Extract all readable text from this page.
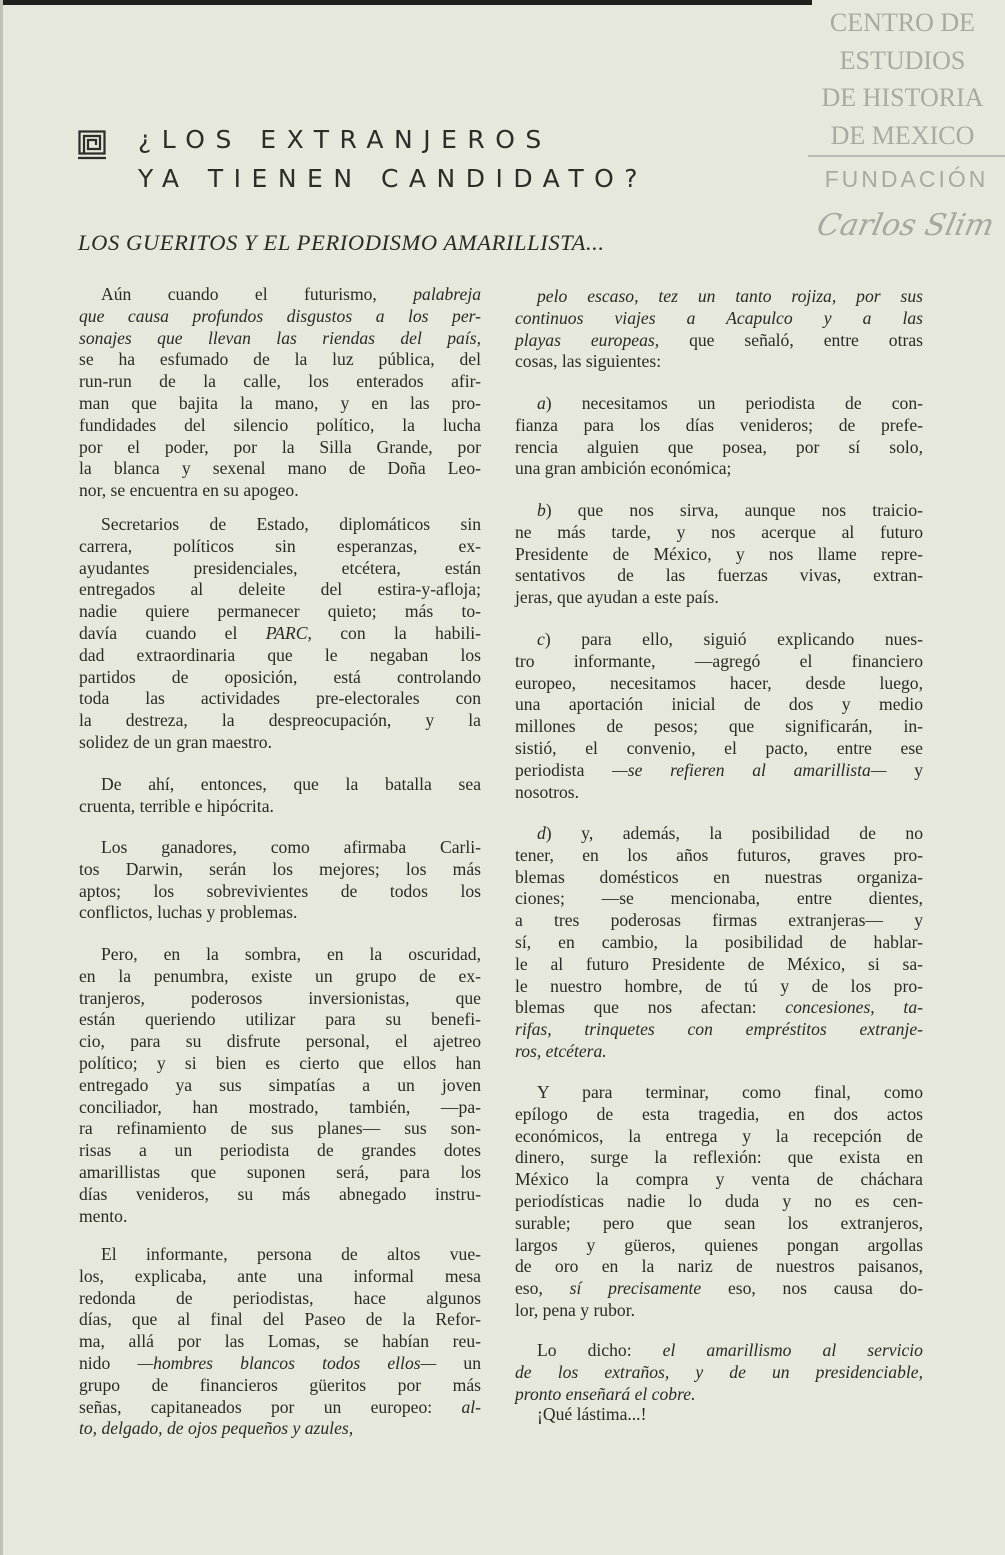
CENTRO DE
ESTUDIOS
DE HISTORIA
DE MEXICO
FUNDACIÓN
Carlos Slim
¿LOS EXTRANJEROS
YA TIENEN CANDIDATO?
LOS GUERITOS Y EL PERIODISMO AMARILLISTA...
Aún cuando el futurismo, palabreja
que causa profundos disgustos a los per-
sonajes que llevan las riendas del país,
se ha esfumado de la luz pública, del
run-run de la calle, los enterados afir-
man que bajita la mano, y en las pro-
fundidades del silencio político, la lucha
por el poder, por la Silla Grande, por
la blanca y sexenal mano de Doña Leo-
nor, se encuentra en su apogeo.
Secretarios de Estado, diplomáticos sin
carrera, políticos sin esperanzas, ex-
ayudantes presidenciales, etcétera, están
entregados al deleite del estira-y-afloja;
nadie quiere permanecer quieto; más to-
davía cuando el PARC, con la habili-
dad extraordinaria que le negaban los
partidos de oposición, está controlando
toda las actividades pre-electorales con
la destreza, la despreocupación, y la
solidez de un gran maestro.
De ahí, entonces, que la batalla sea
cruenta, terrible e hipócrita.
Los ganadores, como afirmaba Carli-
tos Darwin, serán los mejores; los más
aptos; los sobrevivientes de todos los
conflictos, luchas y problemas.
Pero, en la sombra, en la oscuridad,
en la penumbra, existe un grupo de ex-
tranjeros, poderosos inversionistas, que
están queriendo utilizar para su benefi-
cio, para su disfrute personal, el ajetreo
político; y si bien es cierto que ellos han
entregado ya sus simpatías a un joven
conciliador, han mostrado, también, —pa-
ra refinamiento de sus planes— sus son-
risas a un periodista de grandes dotes
amarillistas que suponen será, para los
días venideros, su más abnegado instru-
mento.
El informante, persona de altos vue-
los, explicaba, ante una informal mesa
redonda de periodistas, hace algunos
días, que al final del Paseo de la Refor-
ma, allá por las Lomas, se habían reu-
nido —hombres blancos todos ellos— un
grupo de financieros güeritos por más
señas, capitaneados por un europeo: al-
to, delgado, de ojos pequeños y azules,
pelo escaso, tez un tanto rojiza, por sus
continuos viajes a Acapulco y a las
playas europeas, que señaló, entre otras
cosas, las siguientes:
a) necesitamos un periodista de con-
fianza para los días venideros; de prefe-
rencia alguien que posea, por sí solo,
una gran ambición económica;
b) que nos sirva, aunque nos traicio-
ne más tarde, y nos acerque al futuro
Presidente de México, y nos llame repre-
sentativos de las fuerzas vivas, extran-
jeras, que ayudan a este país.
c) para ello, siguió explicando nues-
tro informante, —agregó el financiero
europeo, necesitamos hacer, desde luego,
una aportación inicial de dos y medio
millones de pesos; que significarán, in-
sistió, el convenio, el pacto, entre ese
periodista —se refieren al amarillista— y
nosotros.
d) y, además, la posibilidad de no
tener, en los años futuros, graves pro-
blemas domésticos en nuestras organiza-
ciones; —se mencionaba, entre dientes,
a tres poderosas firmas extranjeras— y
sí, en cambio, la posibilidad de hablar-
le al futuro Presidente de México, si sa-
le nuestro hombre, de tú y de los pro-
blemas que nos afectan: concesiones, ta-
rifas, trinquetes con empréstitos extranje-
ros, etcétera.
Y para terminar, como final, como
epílogo de esta tragedia, en dos actos
económicos, la entrega y la recepción de
dinero, surge la reflexión: que exista en
México la compra y venta de cháchara
periodísticas nadie lo duda y no es cen-
surable; pero que sean los extranjeros,
largos y güeros, quienes pongan argollas
de oro en la nariz de nuestros paisanos,
eso, sí precisamente eso, nos causa do-
lor, pena y rubor.
Lo dicho: el amarillismo al servicio
de los extraños, y de un presidenciable,
pronto enseñará el cobre.
¡Qué lástima...!
